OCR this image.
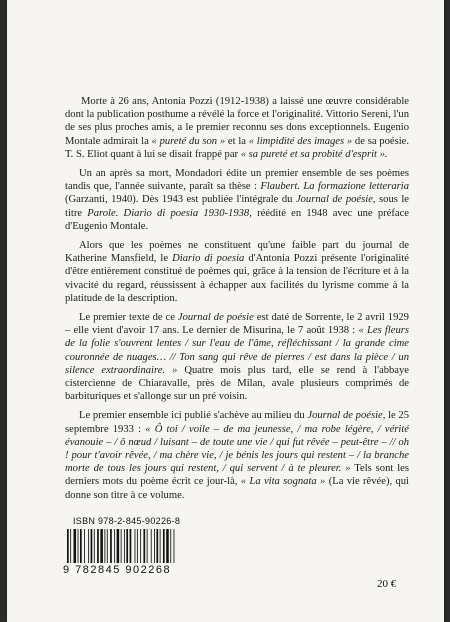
Morte à 26 ans, Antonia Pozzi (1912-1938) a laissé une œuvre considérable dont la publication posthume a révélé la force et l'originalité. Vittorio Sereni, l'un de ses plus proches amis, a le premier reconnu ses dons exceptionnels. Eugenio Montale admirait la « pureté du son » et la « limpidité des images » de sa poésie. T. S. Eliot quant à lui se disait frappé par « sa pureté et sa probité d'esprit ».

Un an après sa mort, Mondadori édite un premier ensemble de ses poèmes tandis que, l'année suivante, paraît sa thèse : Flaubert. La formazione letteraria (Garzanti, 1940). Dès 1943 est publiée l'intégrale du Journal de poésie, sous le titre Parole. Diario di poesia 1930-1938, réédité en 1948 avec une préface d'Eugenio Montale.

Alors que les poèmes ne constituent qu'une faible part du journal de Katherine Mansfield, le Diario di poesia d'Antonia Pozzi présente l'originalité d'être entièrement constitué de poèmes qui, grâce à la tension de l'écriture et à la vivacité du regard, réussissent à échapper aux facilités du lyrisme comme à la platitude de la description.

Le premier texte de ce Journal de poésie est daté de Sorrente, le 2 avril 1929 – elle vient d'avoir 17 ans. Le dernier de Misurina, le 7 août 1938 : « Les fleurs de la folie s'ouvrent lentes / sur l'eau de l'âme, réfléchissant / la grande cime couronnée de nuages… // Ton sang qui rêve de pierres / est dans la pièce / un silence extraordinaire. » Quatre mois plus tard, elle se rend à l'abbaye cistercienne de Chiaravalle, près de Milan, avale plusieurs comprimés de barbituriques et s'allonge sur un pré voisin.

Le premier ensemble ici publié s'achève au milieu du Journal de poésie, le 25 septembre 1933 : « Ô toi / voile – de ma jeunesse, / ma robe légère, / vérité évanouie – / ô nœud / luisant – de toute une vie / qui fut rêvée – peut-être – // oh ! pour t'avoir rêvée, / ma chère vie, / je bénis les jours qui restent – / la branche morte de tous les jours qui restent, / qui servent / à te pleurer. » Tels sont les derniers mots du poème écrit ce jour-là, « La vita sognata » (La vie rêvée), qui donne son titre à ce volume.

ISBN 978-2-845-90226-8
9 782845 902268
20 €
